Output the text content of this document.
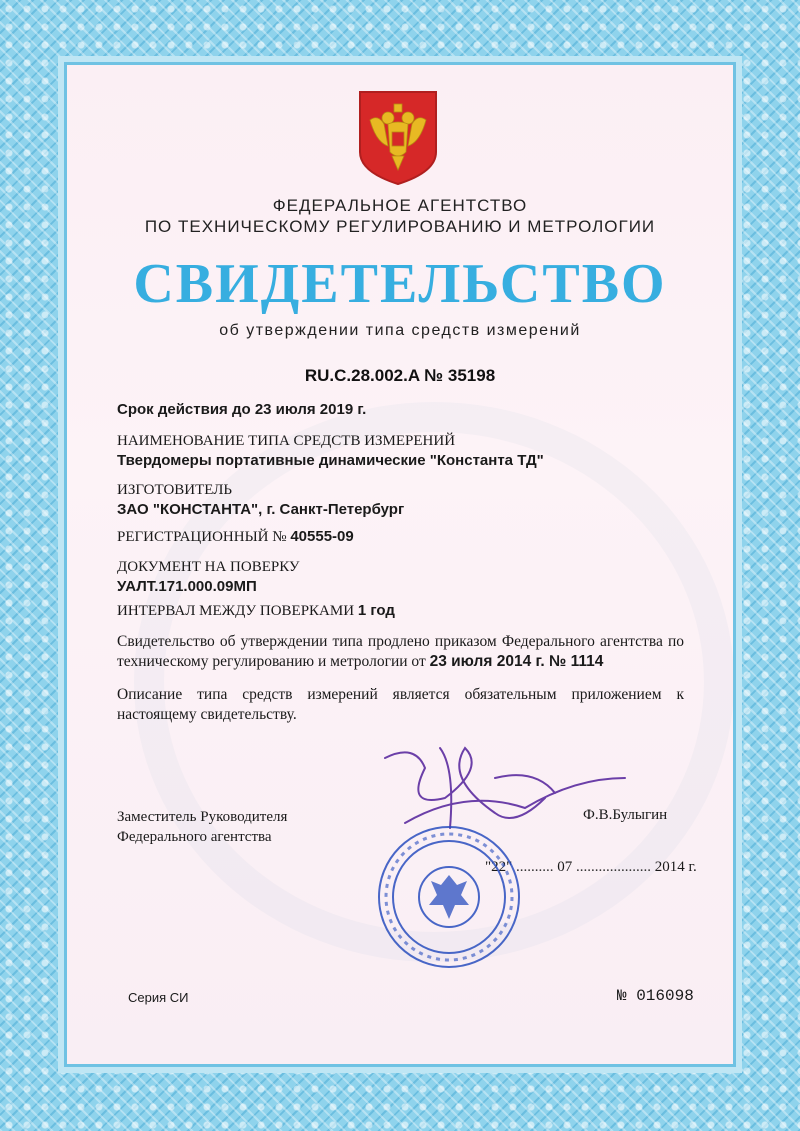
ФЕДЕРАЛЬНОЕ АГЕНТСТВО
ПО ТЕХНИЧЕСКОМУ РЕГУЛИРОВАНИЮ И МЕТРОЛОГИИ
СВИДЕТЕЛЬСТВО
об утверждении типа средств измерений
RU.C.28.002.A № 35198
Срок действия до 23 июля 2019 г.
НАИМЕНОВАНИЕ ТИПА СРЕДСТВ ИЗМЕРЕНИЙ
Твердомеры портативные динамические "Константа ТД"
ИЗГОТОВИТЕЛЬ
ЗАО "КОНСТАНТА", г. Санкт-Петербург
РЕГИСТРАЦИОННЫЙ № 40555-09
ДОКУМЕНТ НА ПОВЕРКУ
УАЛТ.171.000.09МП
ИНТЕРВАЛ МЕЖДУ ПОВЕРКАМИ 1 год
Свидетельство об утверждении типа продлено приказом Федерального агентства по техническому регулированию и метрологии от 23 июля 2014 г. № 1114
Описание типа средств измерений является обязательным приложением к настоящему свидетельству.
Заместитель Руководителя
Федерального агентства
Ф.В.Булыгин
"22" .......... 07 .................... 2014 г.
Серия СИ	№ 016098
